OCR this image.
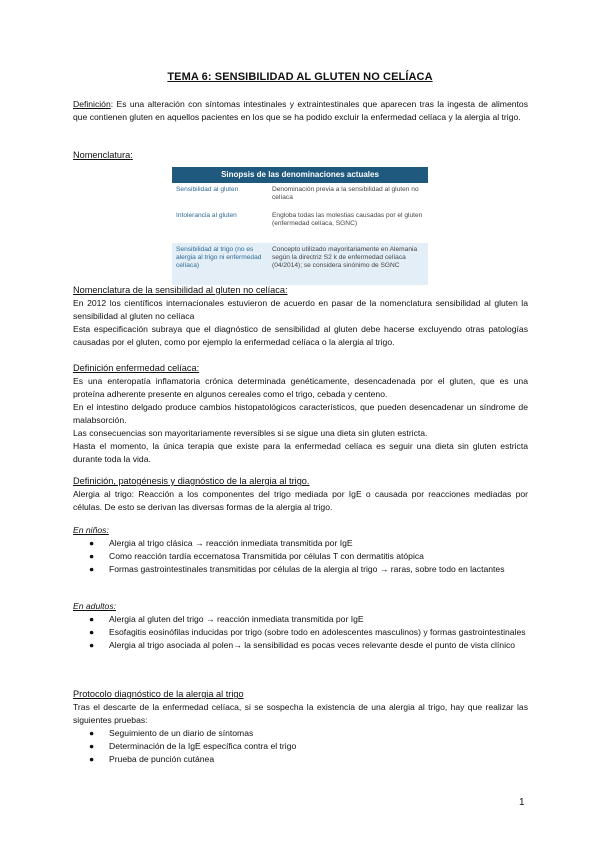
TEMA 6: SENSIBILIDAD AL GLUTEN NO CELÍACA
Definición: Es una alteración con síntomas intestinales y extraintestinales que aparecen tras la ingesta de alimentos que contienen gluten en aquellos pacientes en los que se ha podido excluir la enfermedad celíaca y la alergia al trigo.
Nomenclatura:
Sinopsis de las denominaciones actuales
Sensibilidad al gluten	Denominación previa a la sensibilidad al gluten no celíaca
Intolerancia al gluten	Engloba todas las molestias causadas por el gluten (enfermedad celíaca, SGNC)
Sensibilidad al trigo (no es alergia al trigo ni enfermedad celíaca)
Concepto utilizado mayoritariamente en Alemania según la directriz S2 k de enfermedad celíaca (04/2014); se considera sinónimo de SGNC
Nomenclatura de la sensibilidad al gluten no celíaca:
En 2012 los científicos internacionales estuvieron de acuerdo en pasar de la nomenclatura sensibilidad al gluten la sensibilidad al gluten no celíaca
Esta especificación subraya que el diagnóstico de sensibilidad al gluten debe hacerse excluyendo otras patologías causadas por el gluten, como por ejemplo la enfermedad celíaca o la alergia al trigo.
Definición enfermedad celíaca:
Es una enteropatía inflamatoria crónica determinada genéticamente, desencadenada por el gluten, que es una proteína adherente presente en algunos cereales como el trigo, cebada y centeno.
En el intestino delgado produce cambios histopatológicos característicos, que pueden desencadenar un síndrome de malabsorción.
Las consecuencias son mayoritariamente reversibles si se sigue una dieta sin gluten estricta.
Hasta el momento, la única terapia que existe para la enfermedad celíaca es seguir una dieta sin gluten estricta durante toda la vida.
Definición, patogénesis y diagnóstico de la alergia al trigo.
Alergia al trigo: Reacción a los componentes del trigo mediada por IgE o causada por reacciones mediadas por células. De esto se derivan las diversas formas de la alergia al trigo.
En niños:
● Alergia al trigo clásica → reacción inmediata transmitida por IgE
● Como reacción tardía eccematosa Transmitida por células T con dermatitis atópica
● Formas gastrointestinales transmitidas por células de la alergia al trigo → raras, sobre todo en lactantes
En adultos:
● Alergia al gluten del trigo → reacción inmediata transmitida por IgE
● Esofagitis eosinófilas inducidas por trigo (sobre todo en adolescentes masculinos) y formas gastrointestinales
● Alergia al trigo asociada al polen→ la sensibilidad es pocas veces relevante desde el punto de vista clínico
Protocolo diagnóstico de la alergia al trigo
Tras el descarte de la enfermedad celíaca, si se sospecha la existencia de una alergia al trigo, hay que realizar las siguientes pruebas:
● Seguimiento de un diario de síntomas
● Determinación de la IgE específica contra el trigo
● Prueba de punción cutánea
1
